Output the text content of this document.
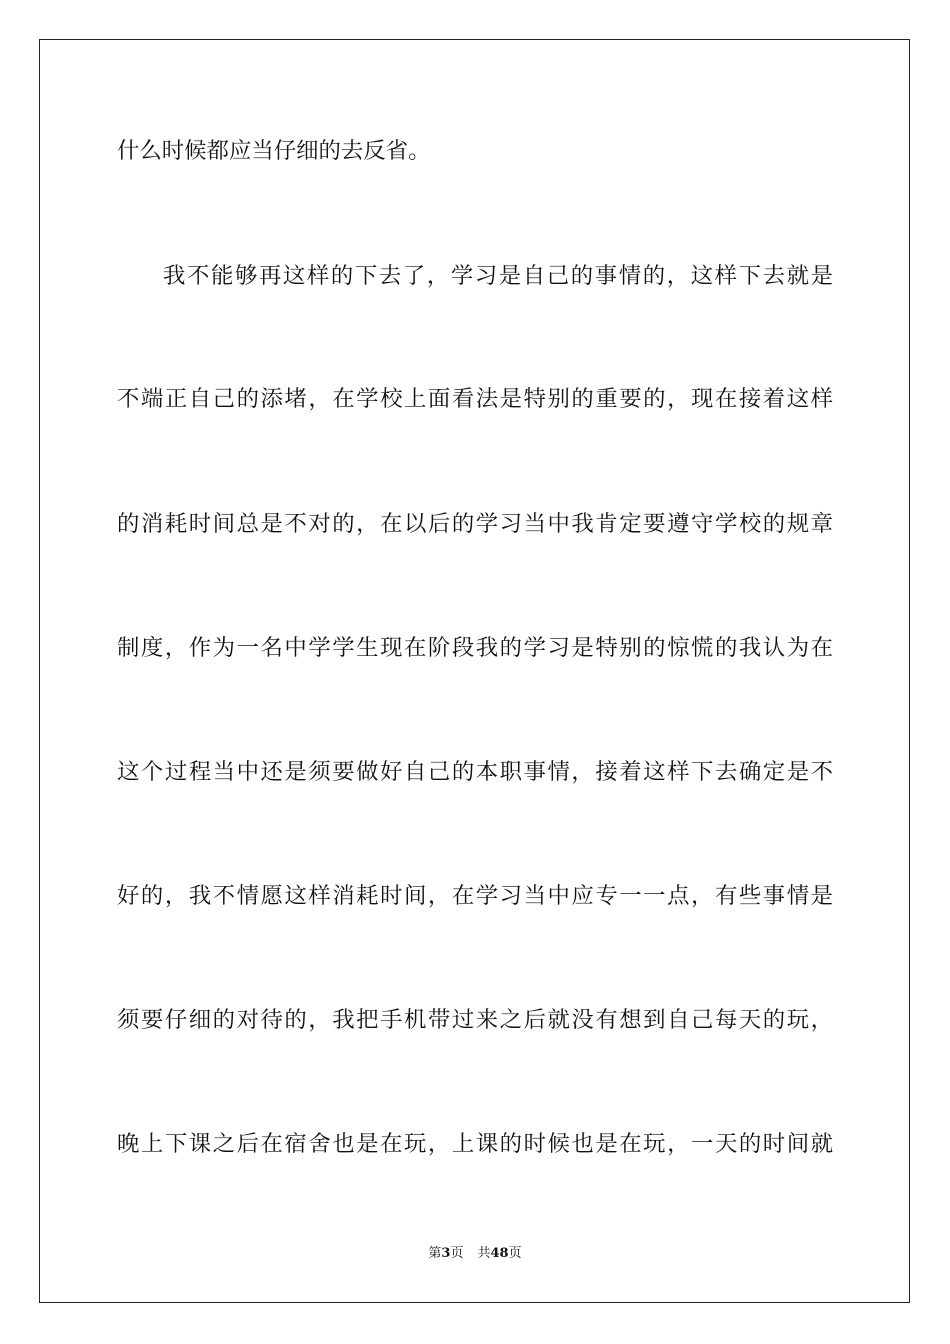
什么时候都应当仔细的去反省。
我不能够再这样的下去了，学习是自己的事情的，这样下去就是
不端正自己的添堵，在学校上面看法是特别的重要的，现在接着这样
的消耗时间总是不对的，在以后的学习当中我肯定要遵守学校的规章
制度，作为一名中学学生现在阶段我的学习是特别的惊慌的我认为在
这个过程当中还是须要做好自己的本职事情，接着这样下去确定是不
好的，我不情愿这样消耗时间，在学习当中应专一一点，有些事情是
须要仔细的对待的，我把手机带过来之后就没有想到自己每天的玩，
晚上下课之后在宿舍也是在玩，上课的时候也是在玩，一天的时间就
第3页 共48页
